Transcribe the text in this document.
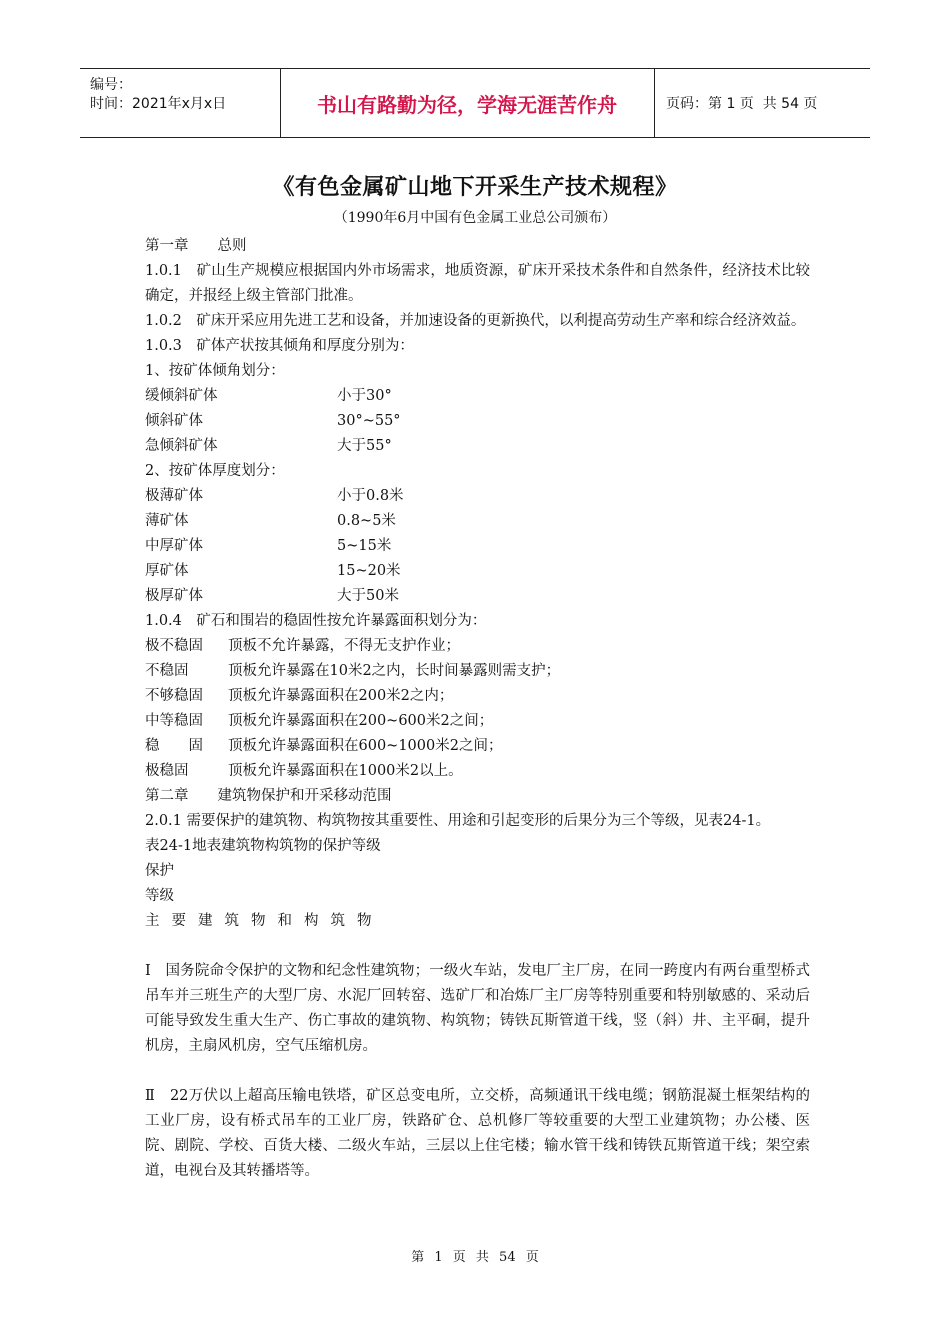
编号：
时间：2021年x月x日	书山有路勤为径，学海无涯苦作舟	页码：第 1 页  共 54 页
《有色金属矿山地下开采生产技术规程》
（1990年6月中国有色金属工业总公司颁布）

第一章　　总则

1.0.1　矿山生产规模应根据国内外市场需求，地质资源，矿床开采技术条件和自然条件，经济技术比较确定，并报经上级主管部门批准。

1.0.2　矿床开采应用先进工艺和设备，并加速设备的更新换代，以利提高劳动生产率和综合经济效益。

1.0.3　矿体产状按其倾角和厚度分别为：

1、按矿体倾角划分：

缓倾斜矿体	小于30°
倾斜矿体	30°~55°
急倾斜矿体	大于55°

2、按矿体厚度划分：

极薄矿体	小于0.8米
薄矿体	0.8~5米
中厚矿体	5~15米
厚矿体	15~20米
极厚矿体	大于50米

1.0.4　矿石和围岩的稳固性按允许暴露面积划分为：

极不稳固	顶板不允许暴露，不得无支护作业；
不稳固	顶板允许暴露在10米2之内，长时间暴露则需支护；
不够稳固	顶板允许暴露面积在200米2之内；
中等稳固	顶板允许暴露面积在200~600米2之间；
稳　　固	顶板允许暴露面积在600~1000米2之间；
极稳固	顶板允许暴露面积在1000米2以上。

第二章　　建筑物保护和开采移动范围

2.0.1 需要保护的建筑物、构筑物按其重要性、用途和引起变形的后果分为三个等级，见表24-1。

表24-1地表建筑物构筑物的保护等级

保护

等级

主要建筑物和构筑物

Ⅰ　国务院命令保护的文物和纪念性建筑物；一级火车站，发电厂主厂房，在同一跨度内有两台重型桥式吊车并三班生产的大型厂房、水泥厂回转窑、选矿厂和冶炼厂主厂房等特别重要和特别敏感的、采动后可能导致发生重大生产、伤亡事故的建筑物、构筑物；铸铁瓦斯管道干线，竖（斜）井、主平硐，提升机房，主扇风机房，空气压缩机房。

Ⅱ　22万伏以上超高压输电铁塔，矿区总变电所，立交桥，高频通讯干线电缆；钢筋混凝土框架结构的工业厂房，设有桥式吊车的工业厂房，铁路矿仓、总机修厂等较重要的大型工业建筑物；办公楼、医院、剧院、学校、百货大楼、二级火车站，三层以上住宅楼；输水管干线和铸铁瓦斯管道干线；架空索道，电视台及其转播塔等。

第 1 页 共 54 页
